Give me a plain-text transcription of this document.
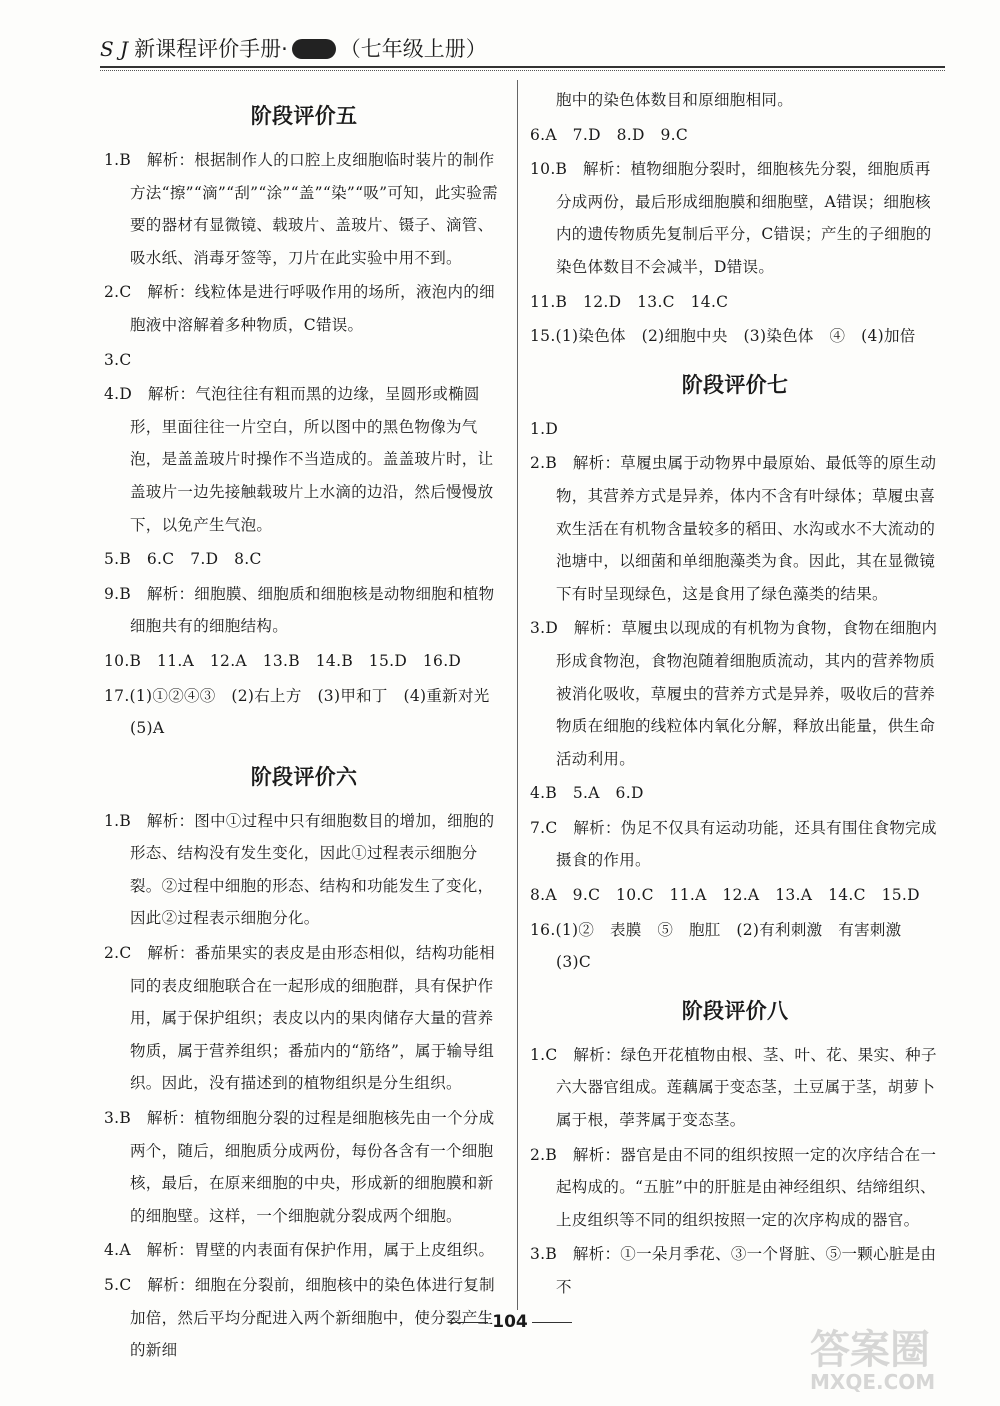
S J 新课程评价手册· （七年级上册）
阶段评价五
1.B　解析：根据制作人的口腔上皮细胞临时装片的制作方法“擦”“滴”“刮”“涂”“盖”“染”“吸”可知，此实验需要的器材有显微镜、载玻片、盖玻片、镊子、滴管、吸水纸、消毒牙签等，刀片在此实验中用不到。
2.C　解析：线粒体是进行呼吸作用的场所，液泡内的细胞液中溶解着多种物质，C错误。
3.C
4.D　解析：气泡往往有粗而黑的边缘，呈圆形或椭圆形，里面往往一片空白，所以图中的黑色物像为气泡，是盖盖玻片时操作不当造成的。盖盖玻片时，让盖玻片一边先接触载玻片上水滴的边沿，然后慢慢放下，以免产生气泡。
5.B　6.C　7.D　8.C
9.B　解析：细胞膜、细胞质和细胞核是动物细胞和植物细胞共有的细胞结构。
10.B　11.A　12.A　13.B　14.B　15.D　16.D
17.(1)①②④③　(2)右上方　(3)甲和丁　(4)重新对光　(5)A
阶段评价六
1.B　解析：图中①过程中只有细胞数目的增加，细胞的形态、结构没有发生变化，因此①过程表示细胞分裂。②过程中细胞的形态、结构和功能发生了变化，因此②过程表示细胞分化。
2.C　解析：番茄果实的表皮是由形态相似，结构功能相同的表皮细胞联合在一起形成的细胞群，具有保护作用，属于保护组织；表皮以内的果肉储存大量的营养物质，属于营养组织；番茄内的“筋络”，属于输导组织。因此，没有描述到的植物组织是分生组织。
3.B　解析：植物细胞分裂的过程是细胞核先由一个分成两个，随后，细胞质分成两份，每份各含有一个细胞核，最后，在原来细胞的中央，形成新的细胞膜和新的细胞壁。这样，一个细胞就分裂成两个细胞。
4.A　解析：胃壁的内表面有保护作用，属于上皮组织。
5.C　解析：细胞在分裂前，细胞核中的染色体进行复制加倍，然后平均分配进入两个新细胞中，使分裂产生的新细
胞中的染色体数目和原细胞相同。
6.A　7.D　8.D　9.C
10.B　解析：植物细胞分裂时，细胞核先分裂，细胞质再分成两份，最后形成细胞膜和细胞壁，A错误；细胞核内的遗传物质先复制后平分，C错误；产生的子细胞的染色体数目不会减半，D错误。
11.B　12.D　13.C　14.C
15.(1)染色体　(2)细胞中央　(3)染色体　④　(4)加倍
阶段评价七
1.D
2.B　解析：草履虫属于动物界中最原始、最低等的原生动物，其营养方式是异养，体内不含有叶绿体；草履虫喜欢生活在有机物含量较多的稻田、水沟或水不大流动的池塘中，以细菌和单细胞藻类为食。因此，其在显微镜下有时呈现绿色，这是食用了绿色藻类的结果。
3.D　解析：草履虫以现成的有机物为食物，食物在细胞内形成食物泡，食物泡随着细胞质流动，其内的营养物质被消化吸收，草履虫的营养方式是异养，吸收后的营养物质在细胞的线粒体内氧化分解，释放出能量，供生命活动利用。
4.B　5.A　6.D
7.C　解析：伪足不仅具有运动功能，还具有围住食物完成摄食的作用。
8.A　9.C　10.C　11.A　12.A　13.A　14.C　15.D
16.(1)②　表膜　⑤　胞肛　(2)有利刺激　有害刺激　(3)C
阶段评价八
1.C　解析：绿色开花植物由根、茎、叶、花、果实、种子六大器官组成。莲藕属于变态茎，土豆属于茎，胡萝卜属于根，荸荠属于变态茎。
2.B　解析：器官是由不同的组织按照一定的次序结合在一起构成的。“五脏”中的肝脏是由神经组织、结缔组织、上皮组织等不同的组织按照一定的次序构成的器官。
3.B　解析：①一朵月季花、③一个肾脏、⑤一颗心脏是由不
104
答案圈
MXQE.COM
